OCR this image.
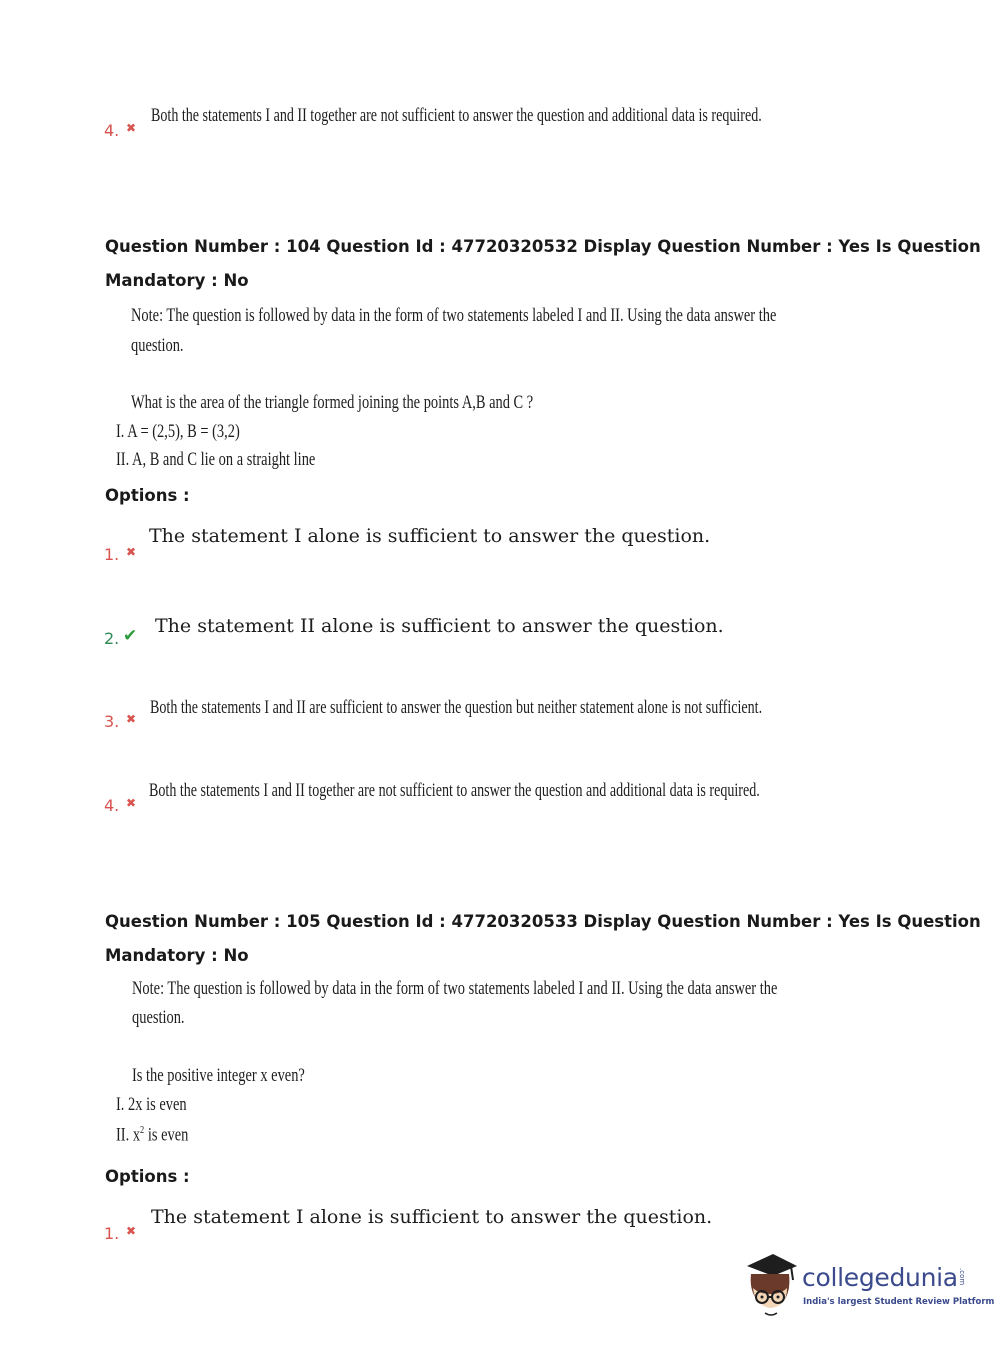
4. ✖
Both the statements I and II together are not sufficient to answer the question and additional data is required.
Question Number : 104 Question Id : 47720320532 Display Question Number : Yes Is Question
Mandatory : No
Note: The question is followed by data in the form of two statements labeled I and II. Using the data answer the
question.
What is the area of the triangle formed joining the points A,B and C ?
I. A = (2,5), B = (3,2)
II. A, B and C lie on a straight line
Options :
1. ✖
The statement I alone is sufficient to answer the question.
2. ✔ The statement II alone is sufficient to answer the question.
3. ✖
Both the statements I and II are sufficient to answer the question but neither statement alone is not sufficient.
4. ✖
Both the statements I and II together are not sufficient to answer the question and additional data is required.
Question Number : 105 Question Id : 47720320533 Display Question Number : Yes Is Question
Mandatory : No
Note: The question is followed by data in the form of two statements labeled I and II. Using the data answer the
question.
Is the positive integer x even?
I. 2x is even
II. $x^2$ is even
Options :
1. ✖
The statement I alone is sufficient to answer the question.
collegedunia .com
India's largest Student Review Platform
